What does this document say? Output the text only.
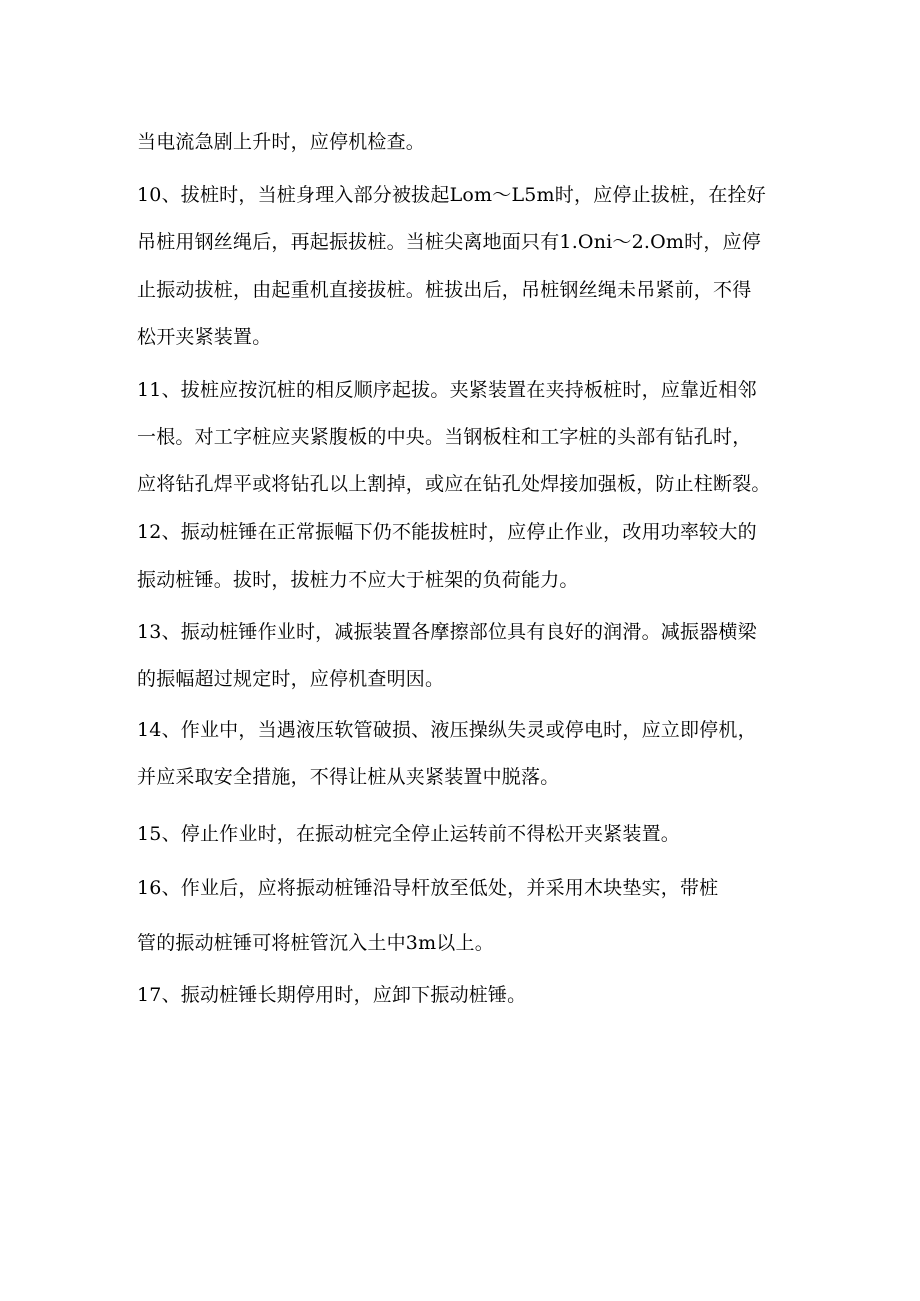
当电流急剧上升时，应停机检查。
10、拔桩时，当桩身理入部分被拔起Lom～L5m时，应停止拔桩，在拴好
吊桩用钢丝绳后，再起振拔桩。当桩尖离地面只有1.Oni～2.Om时，应停
止振动拔桩，由起重机直接拔桩。桩拔出后，吊桩钢丝绳未吊紧前，不得
松开夹紧装置。
11、拔桩应按沉桩的相反顺序起拔。夹紧装置在夹持板桩时，应靠近相邻
一根。对工字桩应夹紧腹板的中央。当钢板柱和工字桩的头部有钻孔时，
应将钻孔焊平或将钻孔以上割掉，或应在钻孔处焊接加强板，防止柱断裂。
12、振动桩锤在正常振幅下仍不能拔桩时，应停止作业，改用功率较大的
振动桩锤。拔时，拔桩力不应大于桩架的负荷能力。
13、振动桩锤作业时，减振装置各摩擦部位具有良好的润滑。减振器横梁
的振幅超过规定时，应停机查明因。
14、作业中，当遇液压软管破损、液压操纵失灵或停电时，应立即停机，
并应采取安全措施，不得让桩从夹紧装置中脱落。
15、停止作业时，在振动桩完全停止运转前不得松开夹紧装置。
16、作业后，应将振动桩锤沿导杆放至低处，并采用木块垫实，带桩
管的振动桩锤可将桩管沉入土中3m以上。
17、振动桩锤长期停用时，应卸下振动桩锤。
